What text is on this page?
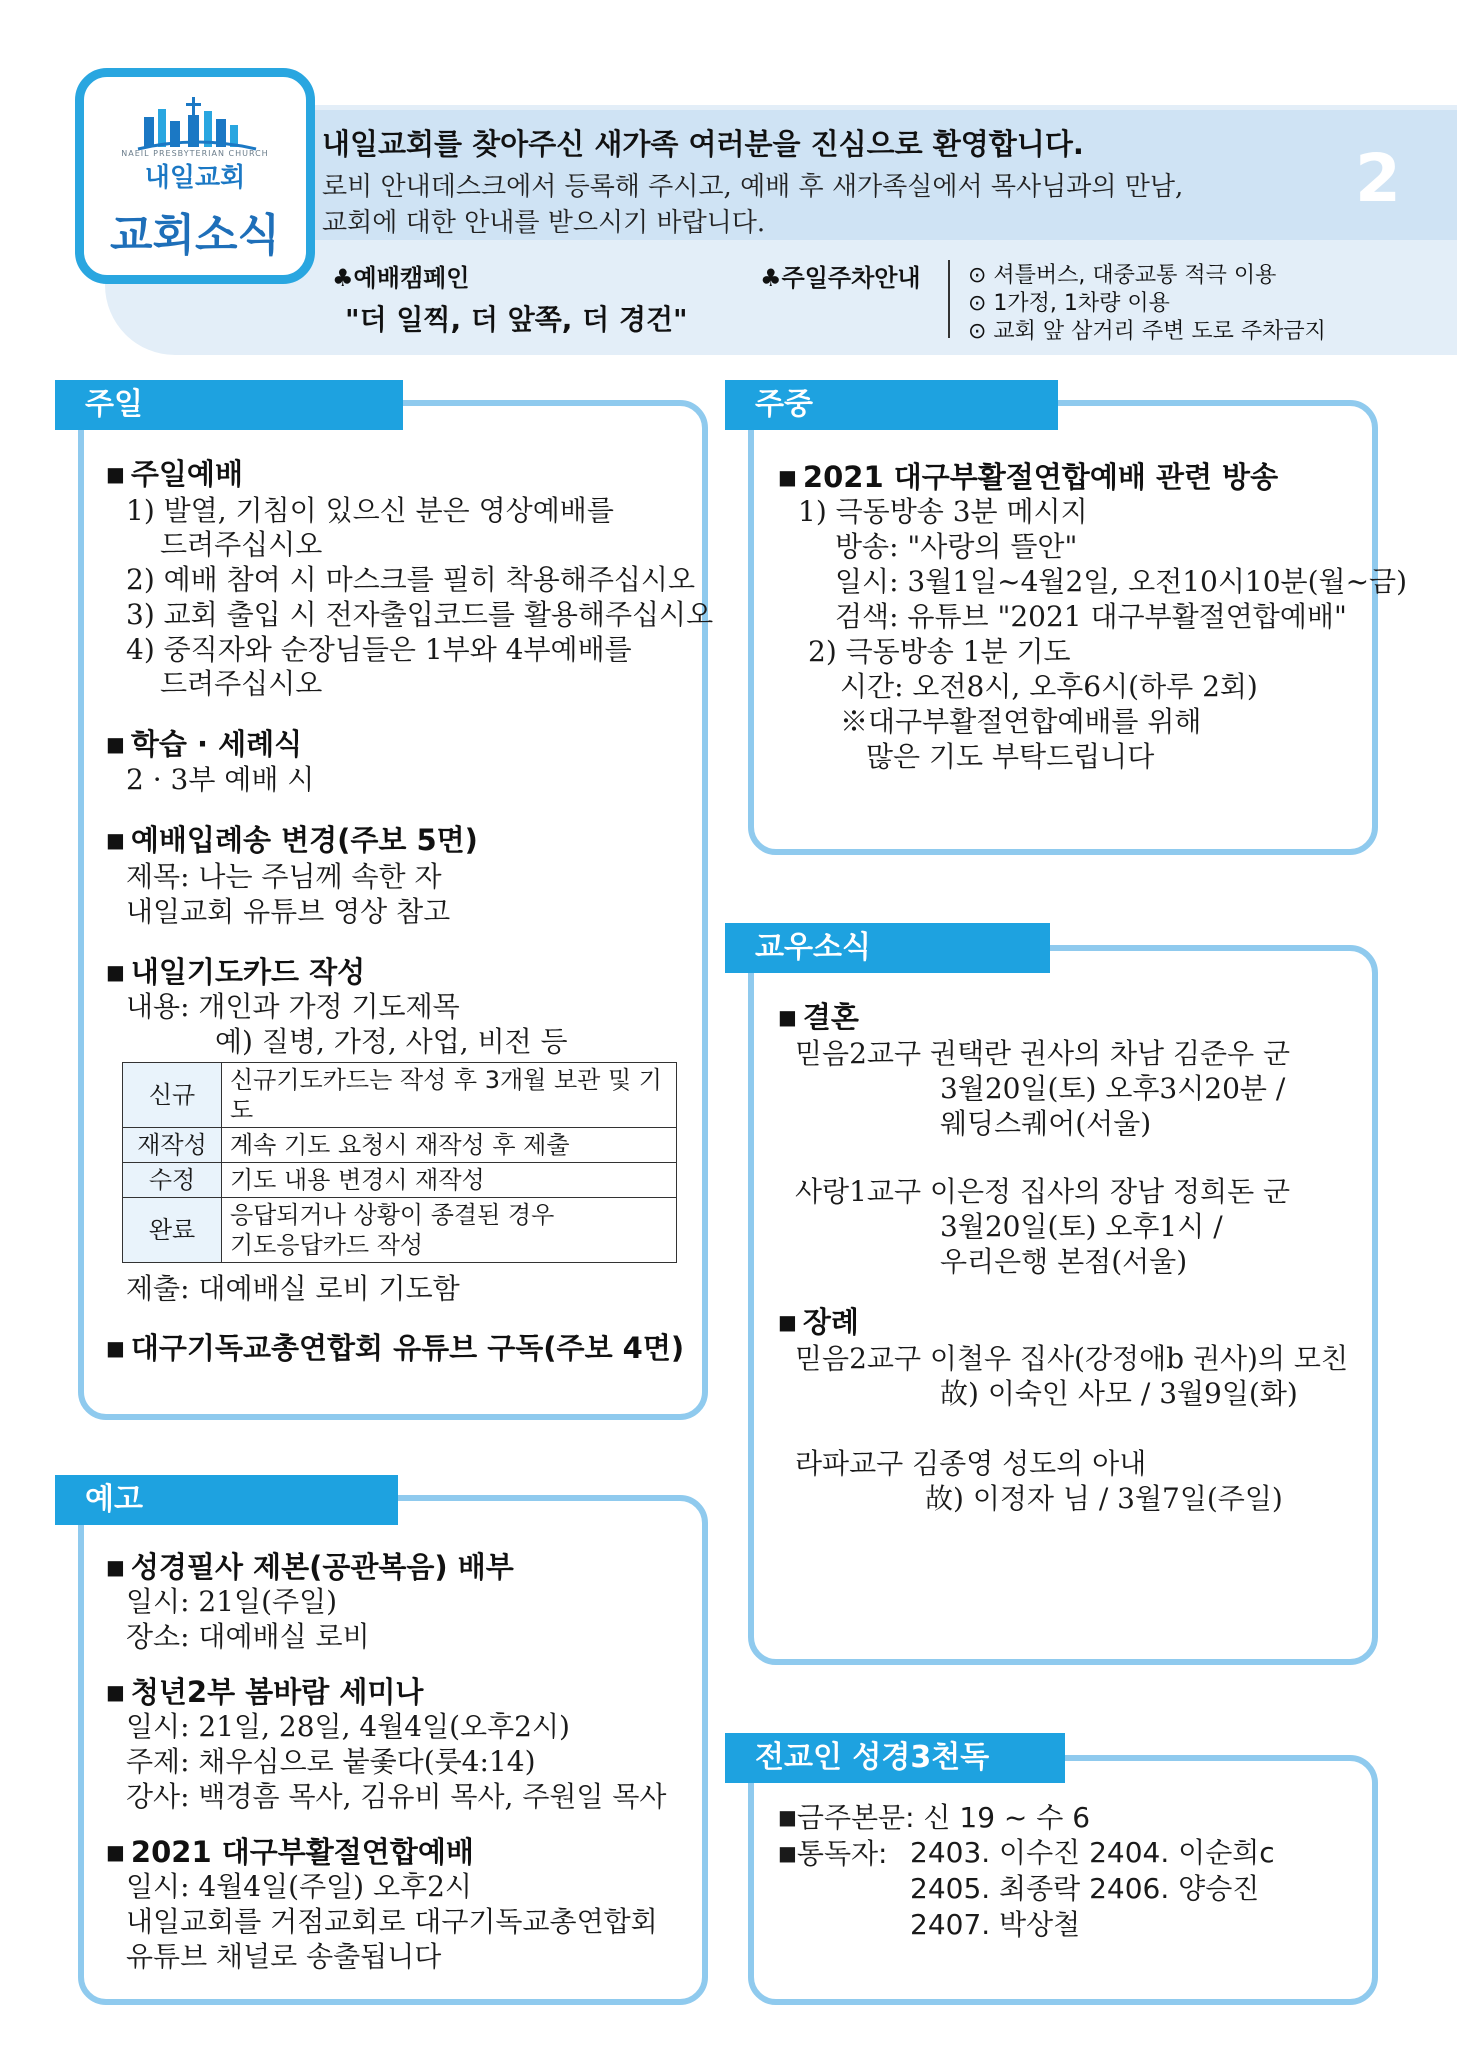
NAEIL PRESBYTERIAN CHURCH
내일교회
교회소식
내일교회를 찾아주신 새가족 여러분을 진심으로 환영합니다.
로비 안내데스크에서 등록해 주시고, 예배 후 새가족실에서 목사님과의 만남,
교회에 대한 안내를 받으시기 바랍니다.
2
♣예배캠페인
"더 일찍, 더 앞쪽, 더 경건"
♣주일주차안내 ⊙ 셔틀버스, 대중교통 적극 이용
⊙ 1가정, 1차량 이용
⊙ 교회 앞 삼거리 주변 도로 주차금지
주일
■ 주일예배
1) 발열, 기침이 있으신 분은 영상예배를
드려주십시오
2) 예배 참여 시 마스크를 필히 착용해주십시오
3) 교회 출입 시 전자출입코드를 활용해주십시오
4) 중직자와 순장님들은 1부와 4부예배를
드려주십시오
■ 학습 · 세례식
2 · 3부 예배 시
■ 예배입례송 변경(주보 5면)
제목: 나는 주님께 속한 자
내일교회 유튜브 영상 참고
■ 내일기도카드 작성
내용: 개인과 가정 기도제목
예) 질병, 가정, 사업, 비전 등
신규	신규기도카드는 작성 후 3개월 보관 및 기도
재작성	계속 기도 요청시 재작성 후 제출
수정	기도 내용 변경시 재작성
완료	응답되거나 상황이 종결된 경우
기도응답카드 작성
제출: 대예배실 로비 기도함
■ 대구기독교총연합회 유튜브 구독(주보 4면)
예고
■ 성경필사 제본(공관복음) 배부
일시: 21일(주일)
장소: 대예배실 로비
■ 청년2부 봄바람 세미나
일시: 21일, 28일, 4월4일(오후2시)
주제: 채우심으로 붙좇다(룻4:14)
강사: 백경흠 목사, 김유비 목사, 주원일 목사
■ 2021 대구부활절연합예배
일시: 4월4일(주일) 오후2시
내일교회를 거점교회로 대구기독교총연합회
유튜브 채널로 송출됩니다
주중
■ 2021 대구부활절연합예배 관련 방송
1) 극동방송 3분 메시지
방송: "사랑의 뜰안"
일시: 3월1일~4월2일, 오전10시10분(월~금)
검색: 유튜브 "2021 대구부활절연합예배"
2) 극동방송 1분 기도
시간: 오전8시, 오후6시(하루 2회)
※대구부활절연합예배를 위해
많은 기도 부탁드립니다
교우소식
■ 결혼
믿음2교구 권택란 권사의 차남 김준우 군
3월20일(토) 오후3시20분 /
웨딩스퀘어(서울)
사랑1교구 이은정 집사의 장남 정희돈 군
3월20일(토) 오후1시 /
우리은행 본점(서울)
■ 장례
믿음2교구 이철우 집사(강정애b 권사)의 모친
故) 이숙인 사모 / 3월9일(화)
라파교구 김종영 성도의 아내
故) 이정자 님 / 3월7일(주일)
전교인 성경3천독
■금주본문: 신 19 ~ 수 6
■통독자: 2403. 이수진 2404. 이순희c
2405. 최종락 2406. 양승진
2407. 박상철
